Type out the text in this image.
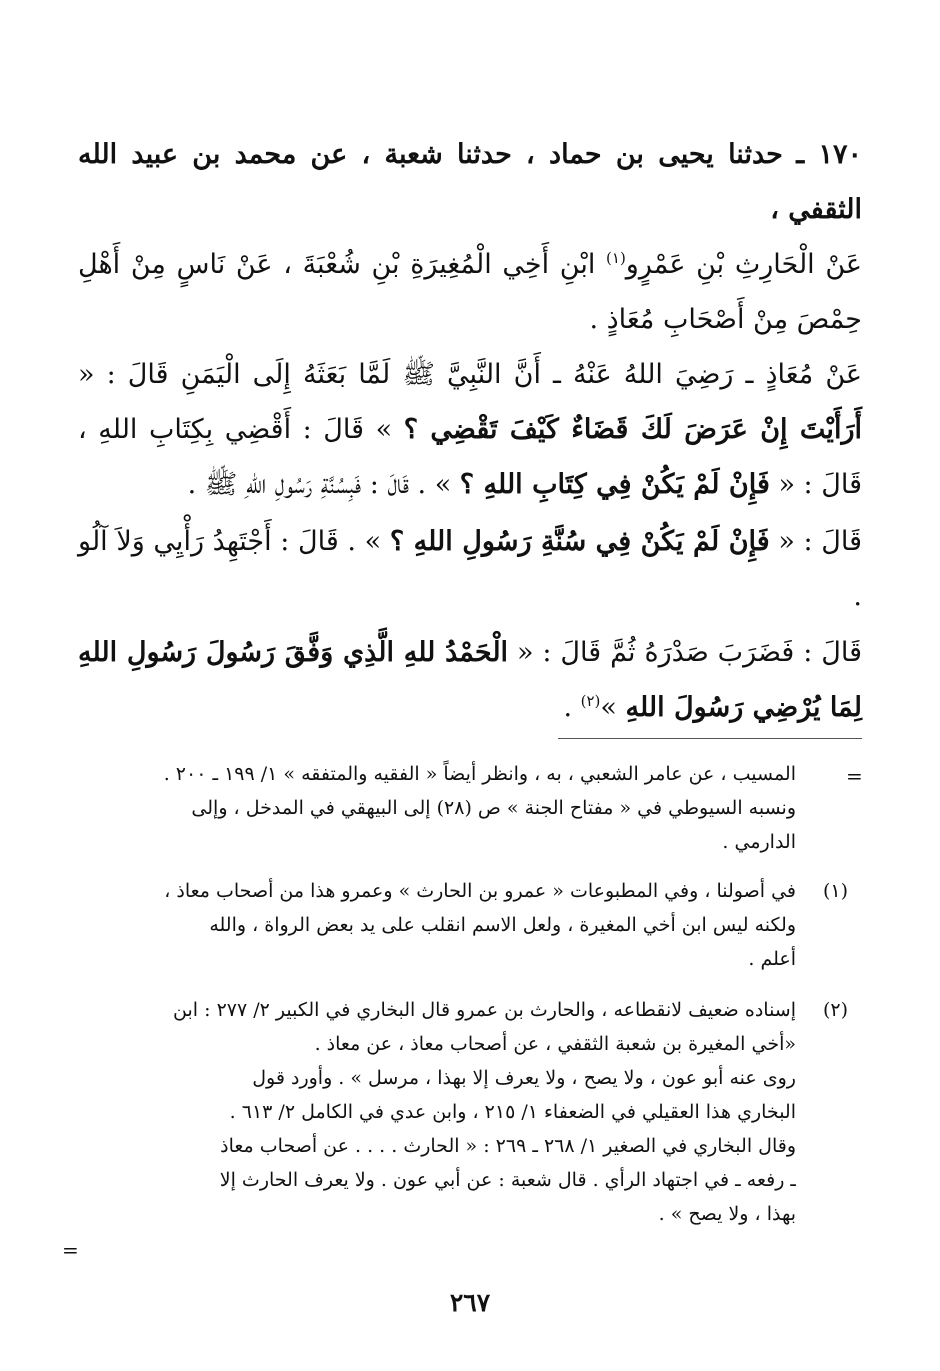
١٧٠ ـ حدثنا يحيى بن حماد ، حدثنا شعبة ، عن محمد بن عبيد الله الثقفي ،

عَنْ الْحَارِثِ بْنِ عَمْرٍو$^{(١)}$ ابْنِ أَخِي الْمُغِيرَةِ بْنِ شُعْبَةَ ، عَنْ نَاسٍ مِنْ أَهْلِ حِمْصَ مِنْ أَصْحَابِ مُعَاذٍ .

عَنْ مُعَاذٍ ـ رَضِيَ اللهُ عَنْهُ ـ أَنَّ النَّبِيَّ ﷺ لَمَّا بَعَثَهُ إِلَى الْيَمَنِ قَالَ : « أَرَأَيْتَ إِنْ عَرَضَ لَكَ قَضَاءٌ كَيْفَ تَقْضِي ؟ » قَالَ : أَقْضِي بِكِتَابِ اللهِ ، قَالَ : « فَإِنْ لَمْ يَكُنْ فِي كِتَابِ اللهِ ؟ » . قَالَ : فَبِسُنَّةِ رَسُولِ اللهِ ﷺ .

قَالَ : « فَإِنْ لَمْ يَكُنْ فِي سُنَّةِ رَسُولِ اللهِ ؟ » . قَالَ : أَجْتَهِدُ رَأْيِي وَلاَ آلُو .

قَالَ : فَضَرَبَ صَدْرَهُ ثُمَّ قَالَ : « الْحَمْدُ للهِ الَّذِي وَفَّقَ رَسُولَ رَسُولِ اللهِ لِمَا يُرْضِي رَسُولَ اللهِ »$^{(٢)}$ .

=
المسيب ، عن عامر الشعبي ، به ، وانظر أيضاً « الفقيه والمتفقه » ١/ ١٩٩ ـ ٢٠٠ .
ونسبه السيوطي في « مفتاح الجنة » ص (٢٨) إلى البيهقي في المدخل ، وإلى
الدارمي .
(١)
في أصولنا ، وفي المطبوعات « عمرو بن الحارث » وعمرو هذا من أصحاب معاذ ،
ولكنه ليس ابن أخي المغيرة ، ولعل الاسم انقلب على يد بعض الرواة ، والله
أعلم .
(٢)
إسناده ضعيف لانقطاعه ، والحارث بن عمرو قال البخاري في الكبير ٢/ ٢٧٧ : ابن
«أخي المغيرة بن شعبة الثقفي ، عن أصحاب معاذ ، عن معاذ .
روى عنه أبو عون ، ولا يصح ، ولا يعرف إلا بهذا ، مرسل » . وأورد قول
البخاري هذا العقيلي في الضعفاء ١/ ٢١٥ ، وابن عدي في الكامل ٢/ ٦١٣ .
وقال البخاري في الصغير ١/ ٢٦٨ ـ ٢٦٩ : « الحارث . . . . عن أصحاب معاذ
ـ رفعه ـ في اجتهاد الرأي . قال شعبة : عن أبي عون . ولا يعرف الحارث إلا
بهذا ، ولا يصح » .
=
٢٦٧
